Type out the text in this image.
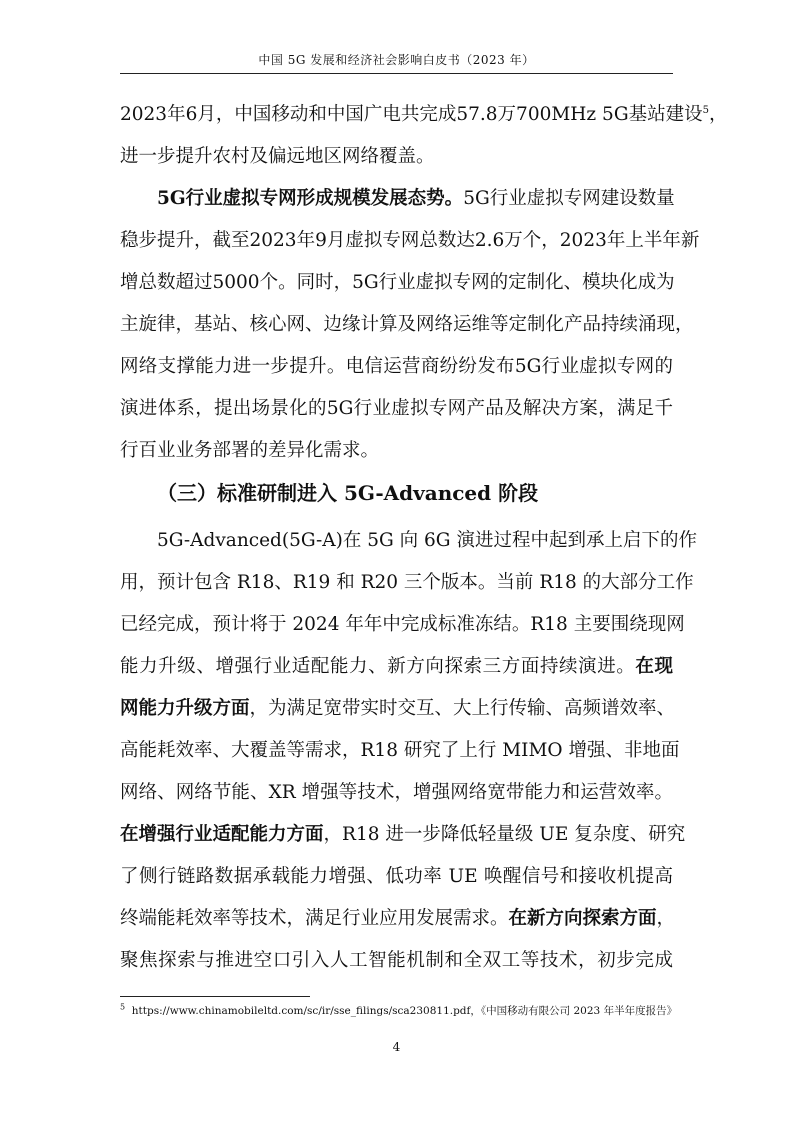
中国 5G 发展和经济社会影响白皮书（2023 年）
2023年6月，中国移动和中国广电共完成57.8万700MHz 5G基站建设$^5$，
进一步提升农村及偏远地区网络覆盖。
5G行业虚拟专网形成规模发展态势。5G行业虚拟专网建设数量
稳步提升，截至2023年9月虚拟专网总数达2.6万个，2023年上半年新
增总数超过5000个。同时，5G行业虚拟专网的定制化、模块化成为
主旋律，基站、核心网、边缘计算及网络运维等定制化产品持续涌现，
网络支撑能力进一步提升。电信运营商纷纷发布5G行业虚拟专网的
演进体系，提出场景化的5G行业虚拟专网产品及解决方案，满足千
行百业业务部署的差异化需求。
（三）标准研制进入 5G-Advanced 阶段
5G-Advanced(5G-A)在 5G 向 6G 演进过程中起到承上启下的作
用，预计包含 R18、R19 和 R20 三个版本。当前 R18 的大部分工作
已经完成，预计将于 2024 年年中完成标准冻结。R18 主要围绕现网
能力升级、增强行业适配能力、新方向探索三方面持续演进。在现
网能力升级方面，为满足宽带实时交互、大上行传输、高频谱效率、
高能耗效率、大覆盖等需求，R18 研究了上行 MIMO 增强、非地面
网络、网络节能、XR 增强等技术，增强网络宽带能力和运营效率。
在增强行业适配能力方面，R18 进一步降低轻量级 UE 复杂度、研究
了侧行链路数据承载能力增强、低功率 UE 唤醒信号和接收机提高
终端能耗效率等技术，满足行业应用发展需求。在新方向探索方面，
聚焦探索与推进空口引入人工智能机制和全双工等技术，初步完成
$^5$ https://www.chinamobileltd.com/sc/ir/sse_filings/sca230811.pdf，《中国移动有限公司 2023 年半年度报告》
4
